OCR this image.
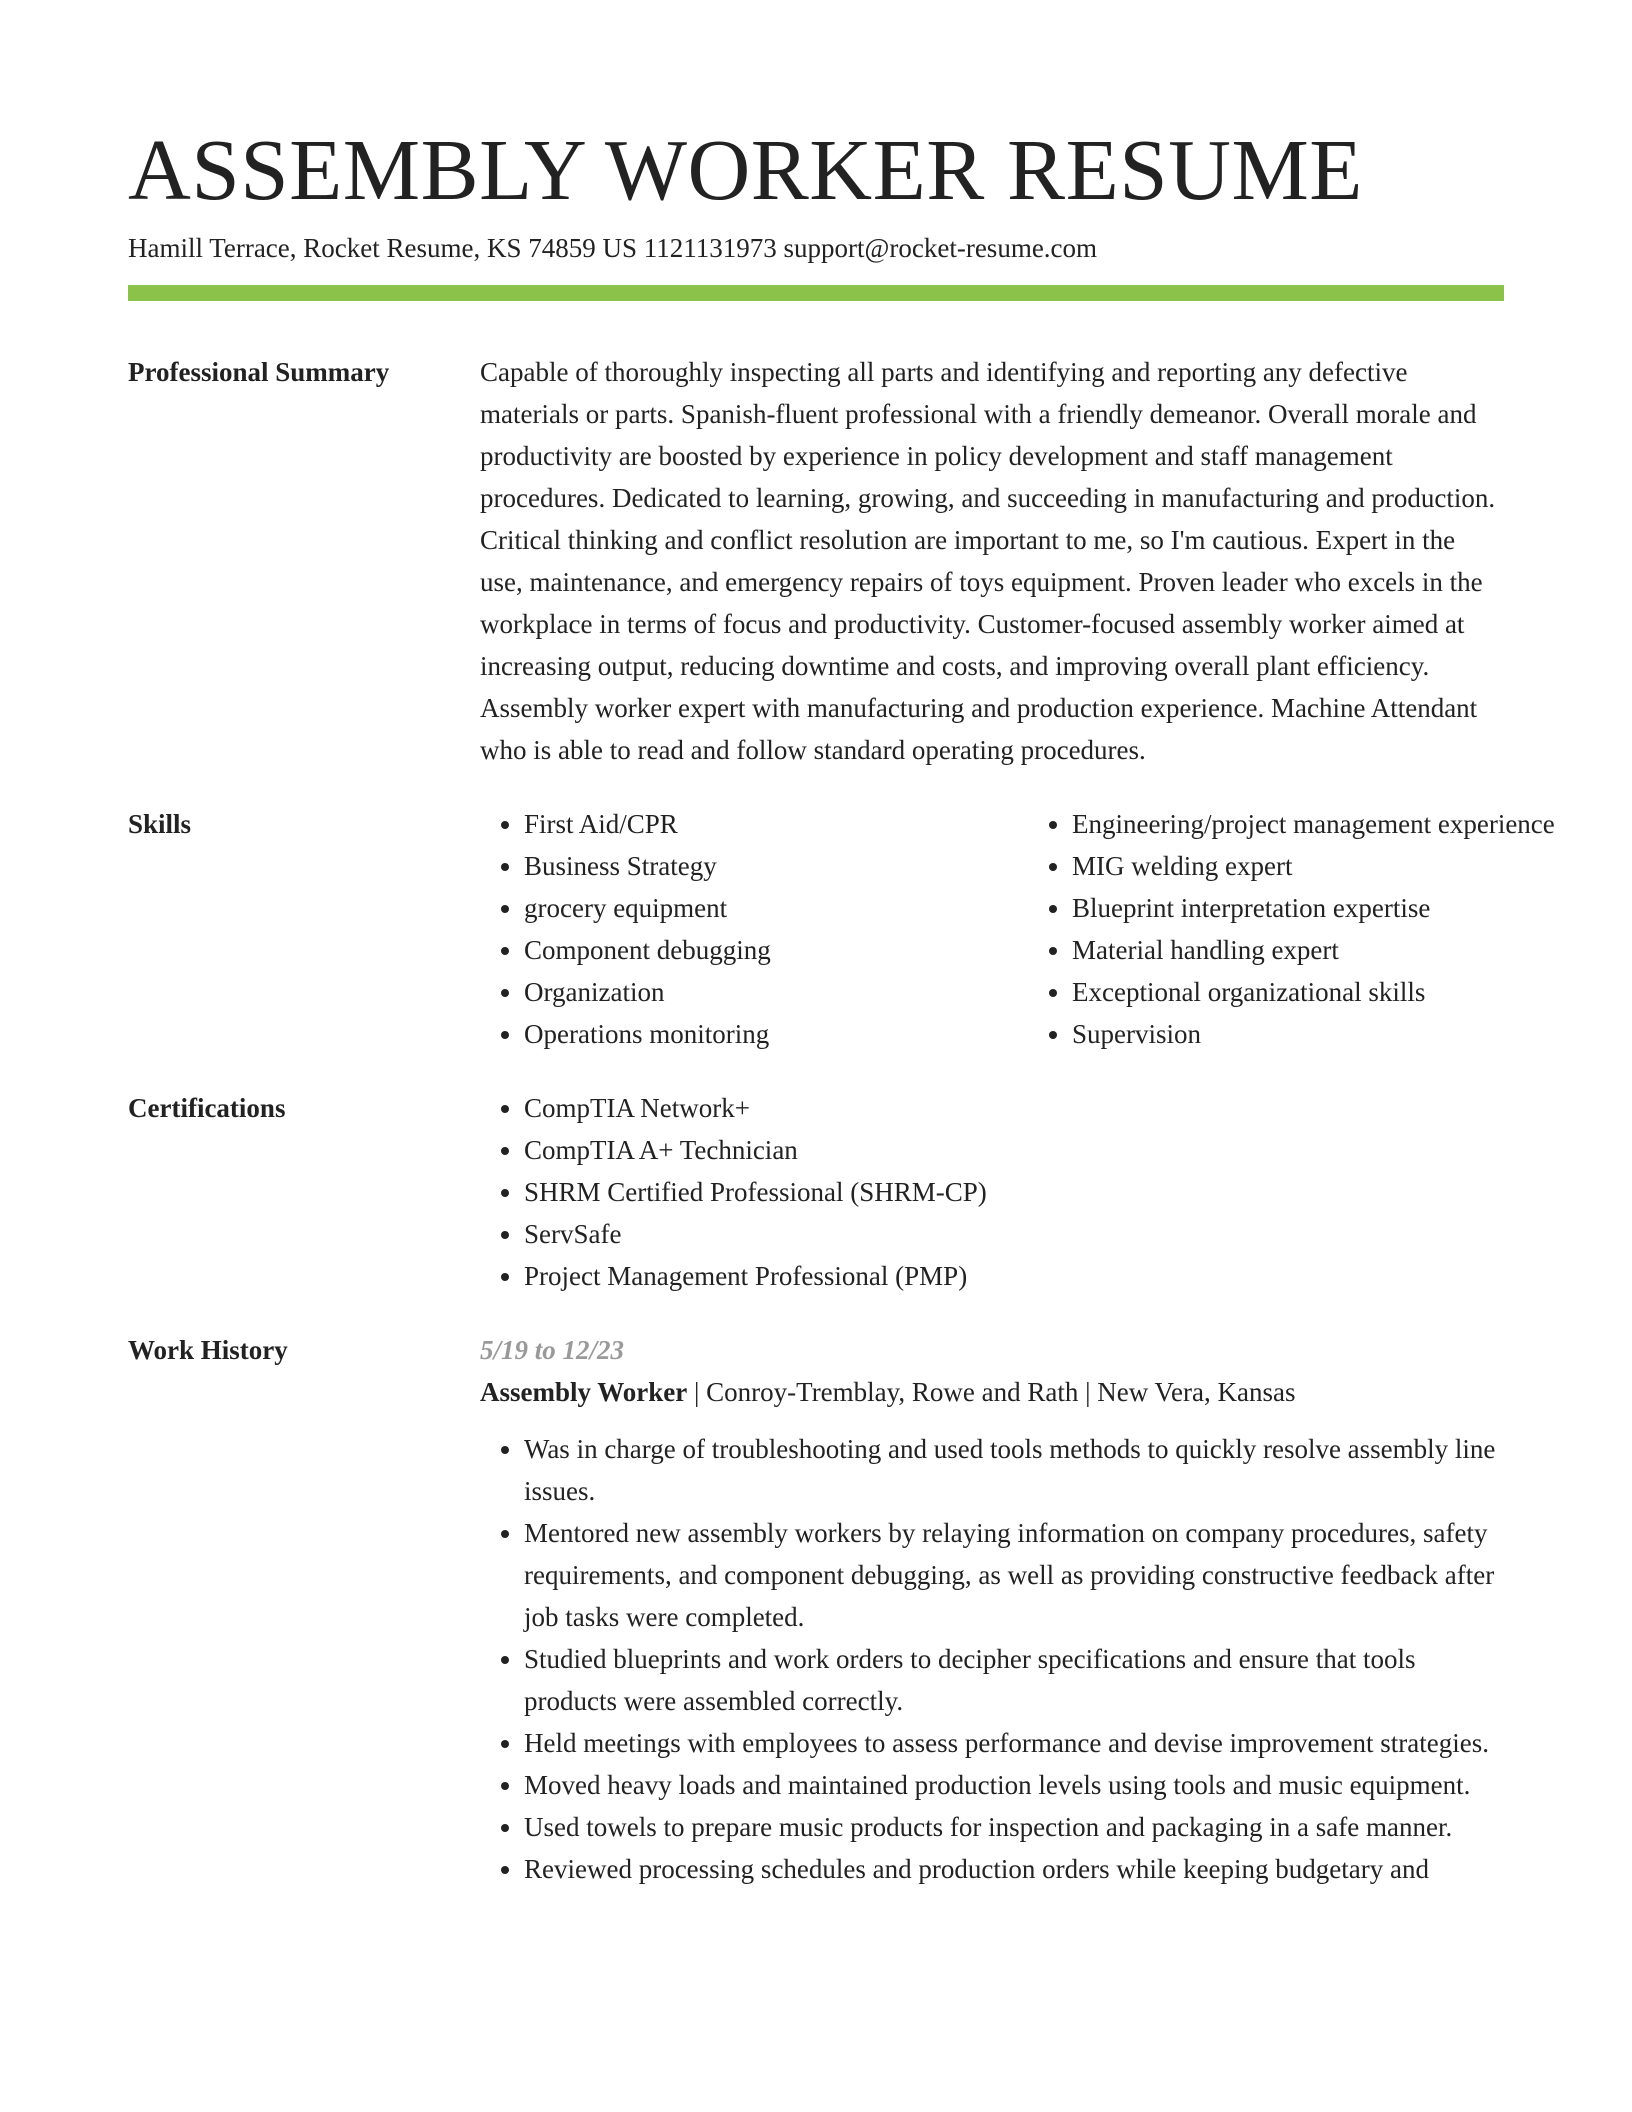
ASSEMBLY WORKER RESUME
Hamill Terrace, Rocket Resume, KS 74859 US 1121131973 support@rocket-resume.com
Professional Summary	Capable of thoroughly inspecting all parts and identifying and reporting any defective materials or parts. Spanish-fluent professional with a friendly demeanor. Overall morale and productivity are boosted by experience in policy development and staff management procedures. Dedicated to learning, growing, and succeeding in manufacturing and production. Critical thinking and conflict resolution are important to me, so I'm cautious. Expert in the use, maintenance, and emergency repairs of toys equipment. Proven leader who excels in the workplace in terms of focus and productivity. Customer-focused assembly worker aimed at increasing output, reducing downtime and costs, and improving overall plant efficiency. Assembly worker expert with manufacturing and production experience. Machine Attendant who is able to read and follow standard operating procedures.

Skills	• First Aid/CPR
• Business Strategy
• grocery equipment
• Component debugging
• Organization
• Operations monitoring
• Engineering/project management experience
• MIG welding expert
• Blueprint interpretation expertise
• Material handling expert
• Exceptional organizational skills
• Supervision
Certifications	• CompTIA Network+
• CompTIA A+ Technician
• SHRM Certified Professional (SHRM-CP)
• ServSafe
• Project Management Professional (PMP)
Work History	5/19 to 12/23
Assembly Worker | Conroy-Tremblay, Rowe and Rath | New Vera, Kansas
• Was in charge of troubleshooting and used tools methods to quickly resolve assembly line issues.
• Mentored new assembly workers by relaying information on company procedures, safety requirements, and component debugging, as well as providing constructive feedback after job tasks were completed.
• Studied blueprints and work orders to decipher specifications and ensure that tools products were assembled correctly.
• Held meetings with employees to assess performance and devise improvement strategies.
• Moved heavy loads and maintained production levels using tools and music equipment.
• Used towels to prepare music products for inspection and packaging in a safe manner.
• Reviewed processing schedules and production orders while keeping budgetary and
